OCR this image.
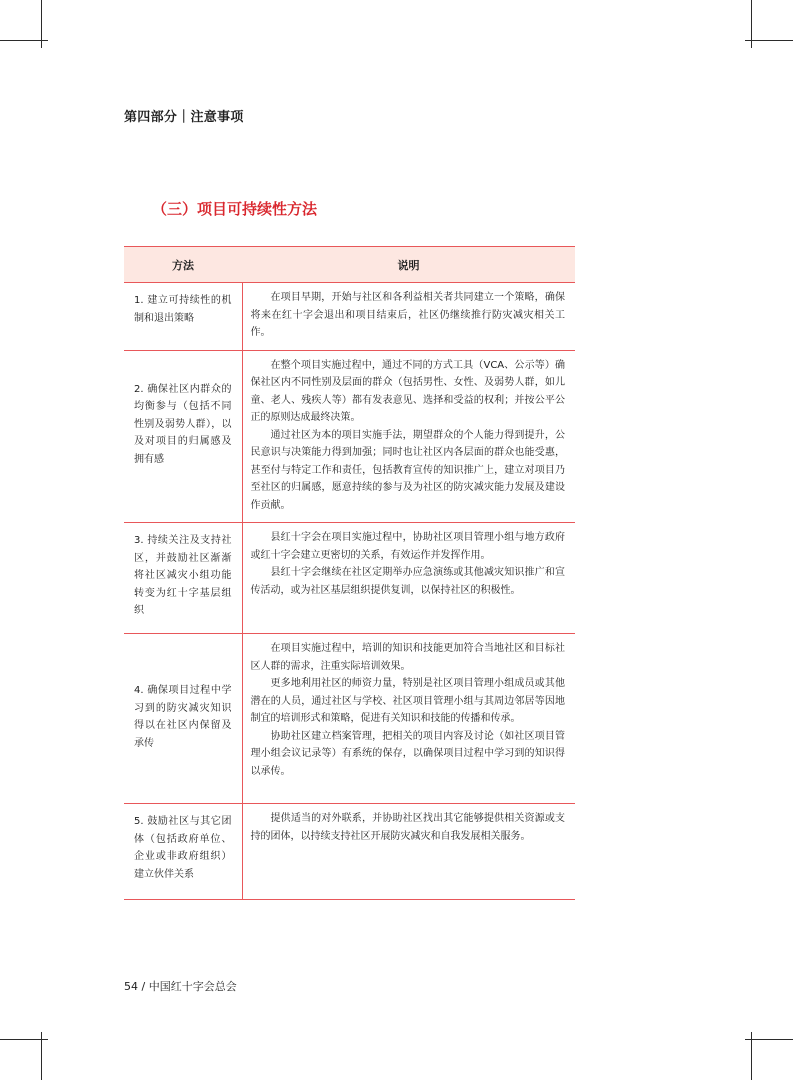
第四部分｜注意事项
（三）项目可持续性方法
方法	说明

1. 建立可持续性的机制和退出策略	在项目早期，开始与社区和各利益相关者共同建立一个策略，确保将来在红十字会退出和项目结束后，社区仍继续推行防灾减灾相关工作。

2. 确保社区内群众的均衡参与（包括不同性别及弱势人群），以及对项目的归属感及拥有感	在整个项目实施过程中，通过不同的方式工具（VCA、公示等）确保社区内不同性别及层面的群众（包括男性、女性、及弱势人群，如儿童、老人、残疾人等）都有发表意见、选择和受益的权利；并按公平公正的原则达成最终决策。

通过社区为本的项目实施手法，期望群众的个人能力得到提升，公民意识与决策能力得到加强；同时也让社区内各层面的群众也能受惠，甚至付与特定工作和责任，包括教育宣传的知识推广上，建立对项目乃至社区的归属感，愿意持续的参与及为社区的防灾减灾能力发展及建设作贡献。

3. 持续关注及支持社区，并鼓励社区渐渐将社区减灾小组功能转变为红十字基层组织	县红十字会在项目实施过程中，协助社区项目管理小组与地方政府或红十字会建立更密切的关系，有效运作并发挥作用。

县红十字会继续在社区定期举办应急演练或其他减灾知识推广和宣传活动，或为社区基层组织提供复训，以保持社区的积极性。

4. 确保项目过程中学习到的防灾减灾知识得以在社区内保留及承传	在项目实施过程中，培训的知识和技能更加符合当地社区和目标社区人群的需求，注重实际培训效果。

更多地利用社区的师资力量，特别是社区项目管理小组成员或其他潜在的人员，通过社区与学校、社区项目管理小组与其周边邻居等因地制宜的培训形式和策略，促进有关知识和技能的传播和传承。

协助社区建立档案管理，把相关的项目内容及讨论（如社区项目管理小组会议记录等）有系统的保存，以确保项目过程中学习到的知识得以承传。

5. 鼓励社区与其它团体（包括政府单位、企业或非政府组织）建立伙伴关系	提供适当的对外联系，并协助社区找出其它能够提供相关资源或支持的团体，以持续支持社区开展防灾减灾和自我发展相关服务。

54 / 中国红十字会总会
